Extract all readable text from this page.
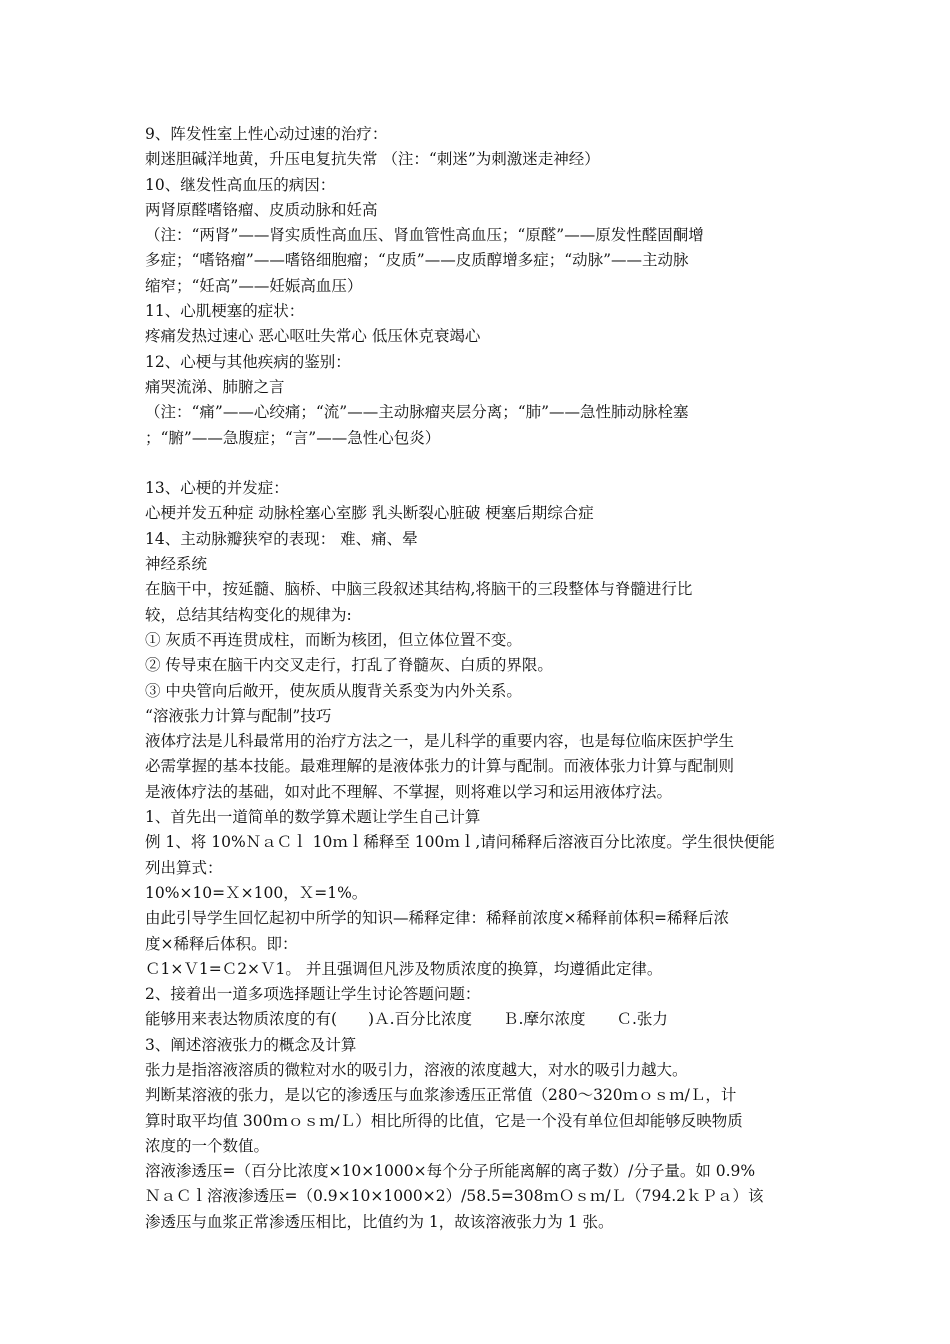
9、阵发性室上性心动过速的治疗：
刺迷胆碱洋地黄，升压电复抗失常 （注：“刺迷”为刺激迷走神经）
10、继发性高血压的病因：
两肾原醛嗜铬瘤、皮质动脉和妊高
（注：“两肾”——肾实质性高血压、肾血管性高血压；“原醛”——原发性醛固酮增
多症；“嗜铬瘤”——嗜铬细胞瘤；“皮质”——皮质醇增多症；“动脉”——主动脉
缩窄；“妊高”——妊娠高血压）
11、心肌梗塞的症状：
疼痛发热过速心 恶心呕吐失常心 低压休克衰竭心
12、心梗与其他疾病的鉴别：
痛哭流涕、肺腑之言
（注：“痛”——心绞痛；“流”——主动脉瘤夹层分离；“肺”——急性肺动脉栓塞
；“腑”——急腹症；“言”——急性心包炎）
13、心梗的并发症：
心梗并发五种症 动脉栓塞心室膨 乳头断裂心脏破 梗塞后期综合症
14、主动脉瓣狭窄的表现： 难、痛、晕
神经系统
在脑干中，按延髓、脑桥、中脑三段叙述其结构,将脑干的三段整体与脊髓进行比
较，总结其结构变化的规律为:
① 灰质不再连贯成柱，而断为核团，但立体位置不变。
② 传导束在脑干内交叉走行，打乱了脊髓灰、白质的界限。
③ 中央管向后敞开，使灰质从腹背关系变为内外关系。
“溶液张力计算与配制”技巧
液体疗法是儿科最常用的治疗方法之一，是儿科学的重要内容，也是每位临床医护学生
必需掌握的基本技能。最难理解的是液体张力的计算与配制。而液体张力计算与配制则
是液体疗法的基础，如对此不理解、不掌握，则将难以学习和运用液体疗法。
1、首先出一道简单的数学算术题让学生自己计算
例 1、将 10%ＮａＣｌ 10ｍｌ稀释至 100ｍｌ,请问稀释后溶液百分比浓度。学生很快便能
列出算式：
10%×10=Ｘ×100，Ｘ=1%。
由此引导学生回忆起初中所学的知识—稀释定律：稀释前浓度×稀释前体积=稀释后浓
度×稀释后体积。即：
Ｃ1×Ｖ1=Ｃ2×Ｖ1。 并且强调但凡涉及物质浓度的换算，均遵循此定律。
2、接着出一道多项选择题让学生讨论答题问题：
能够用来表达物质浓度的有(　　)Ａ.百分比浓度　　Ｂ.摩尔浓度　　Ｃ.张力
3、阐述溶液张力的概念及计算
张力是指溶液溶质的微粒对水的吸引力，溶液的浓度越大，对水的吸引力越大。
判断某溶液的张力，是以它的渗透压与血浆渗透压正常值（280～320ｍｏｓｍ/Ｌ，计
算时取平均值 300ｍｏｓｍ/Ｌ）相比所得的比值，它是一个没有单位但却能够反映物质
浓度的一个数值。
溶液渗透压=（百分比浓度×10×1000×每个分子所能离解的离子数）/分子量。如 0.9%
ＮａＣｌ溶液渗透压=（0.9×10×1000×2）/58.5=308ｍＯｓｍ/Ｌ（794.2ｋＰａ）该
渗透压与血浆正常渗透压相比，比值约为 1，故该溶液张力为 1 张。
